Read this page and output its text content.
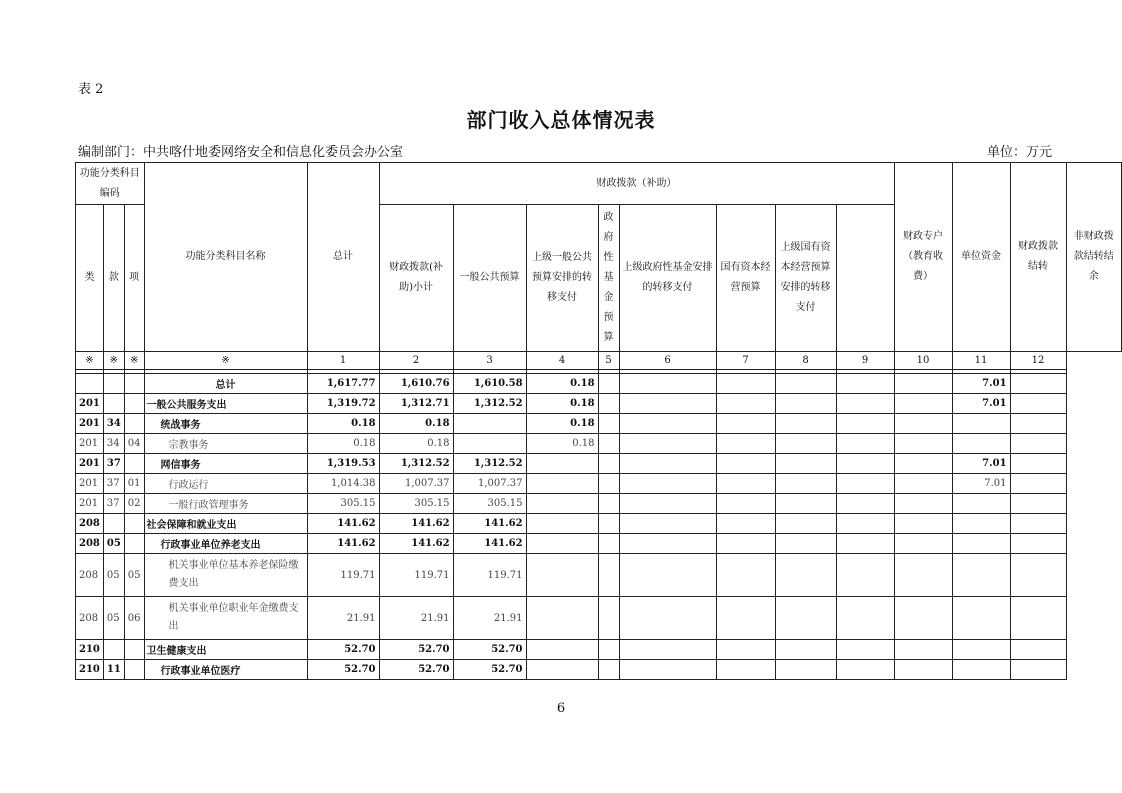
表 2
部门收入总体情况表
编制部门：中共喀什地委网络安全和信息化委员会办公室	单位：万元
功能分类科目编码			功能分类科目名称	总计	财政拨款（补助）								财政专户（教育收费）	单位资金	财政拨款结转	非财政拨款结转结余
类	款	项			财政拨款(补助)小计	一般公共预算	上级一般公共预算安排的转移支付	政府性基金预算	上级政府性基金安排的转移支付	国有资本经营预算	上级国有资本经营预算安排的转移支付					
※	※	※	※	1	2	3	4	5	6	7	8	9	10	11	12	

			总计	1,617.77	1,610.76	1,610.58	0.18							7.01		
201			一般公共服务支出	1,319.72	1,312.71	1,312.52	0.18							7.01		
201	34		统战事务	0.18	0.18		0.18									
201	34	04	宗教事务	0.18	0.18		0.18									
201	37		网信事务	1,319.53	1,312.52	1,312.52								7.01		
201	37	01	行政运行	1,014.38	1,007.37	1,007.37								7.01		
201	37	02	一般行政管理事务	305.15	305.15	305.15										
208			社会保障和就业支出	141.62	141.62	141.62										
208	05		行政事业单位养老支出	141.62	141.62	141.62										
208	05	05	机关事业单位基本养老保险缴费支出	119.71	119.71	119.71										
208	05	06	机关事业单位职业年金缴费支出	21.91	21.91	21.91										
210			卫生健康支出	52.70	52.70	52.70										
210	11		行政事业单位医疗	52.70	52.70	52.70										
6
